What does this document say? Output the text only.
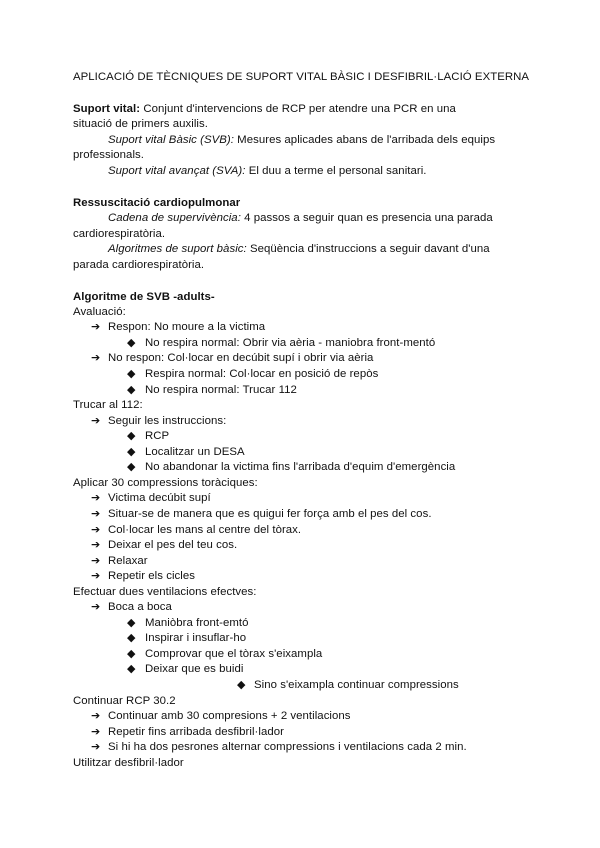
APLICACIÓ DE TÈCNIQUES DE SUPORT VITAL BÀSIC I DESFIBRIL·LACIÓ EXTERNA
Suport vital: Conjunt d'intervencions de RCP per atendre una PCR en una
situació de primers auxilis.
Suport vital Bàsic (SVB): Mesures aplicades abans de l'arribada dels equips
professionals.
Suport vital avançat (SVA): El duu a terme el personal sanitari.
Ressuscitació cardiopulmonar
Cadena de supervivència: 4 passos a seguir quan es presencia una parada
cardiorespiratòria.
Algoritmes de suport bàsic: Seqüència d'instruccions a seguir davant d'una
parada cardiorespiratòria.
Algoritme de SVB -adults-
Avaluació:
➔ Respon: No moure a la victima
◆ No respira normal: Obrir via aèria - maniobra front-mentó
➔ No respon: Col·locar en decúbit supí i obrir via aèria
◆ Respira normal: Col·locar en posició de repòs
◆ No respira normal: Trucar 112
Trucar al 112:
➔ Seguir les instruccions:
◆ RCP
◆ Localitzar un DESA
◆ No abandonar la victima fins l'arribada d'equim d'emergència
Aplicar 30 compressions toràciques:
➔ Victima decúbit supí
➔ Situar-se de manera que es quigui fer força amb el pes del cos.
➔ Col·locar les mans al centre del tòrax.
➔ Deixar el pes del teu cos.
➔ Relaxar
➔ Repetir els cicles
Efectuar dues ventilacions efectves:
➔ Boca a boca
◆ Maniòbra front-emtó
◆ Inspirar i insuflar-ho
◆ Comprovar que el tòrax s'eixampla
◆ Deixar que es buidi
◆ Sino s'eixampla continuar compressions
Continuar RCP 30.2
➔ Continuar amb 30 compresions + 2 ventilacions
➔ Repetir fins arribada desfibril·lador
➔ Si hi ha dos pesrones alternar compressions i ventilacions cada 2 min.
Utilitzar desfibril·lador
